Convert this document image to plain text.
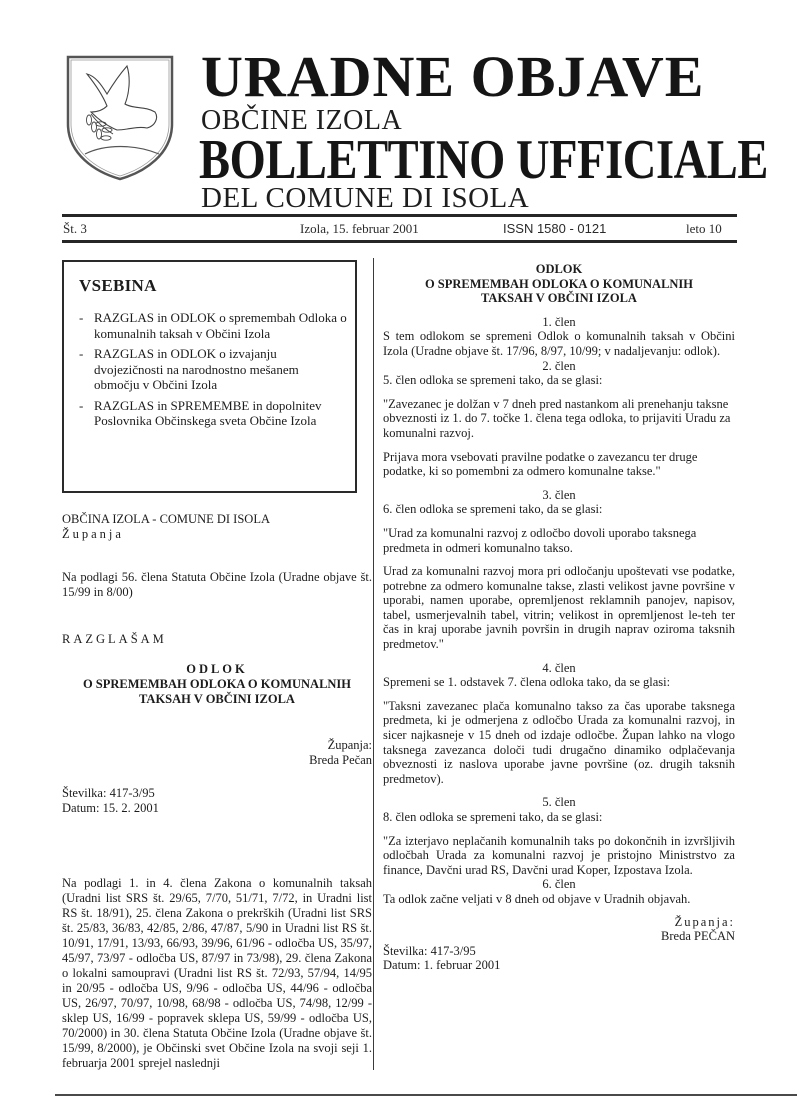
URADNE OBJAVE
OBČINE IZOLA
BOLLETTINO UFFICIALE
DEL COMUNE DI ISOLA
Št. 3	Izola, 15. februar 2001	ISSN 1580 - 0121	leto 10
VSEBINA
- RAZGLAS in ODLOK o spremembah Odloka o komunalnih taksah v Občini Izola
- RAZGLAS in ODLOK o izvajanju dvojezičnosti na narodnostno mešanem območju v Občini Izola
- RAZGLAS in SPREMEMBE in dopolnitev Poslovnika Občinskega sveta Občine Izola
OBČINA IZOLA - COMUNE DI ISOLA
Županja
Na podlagi 56. člena Statuta Občine Izola (Uradne objave št. 15/99 in 8/00)
RAZGLAŠAM
ODLOK
O SPREMEMBAH ODLOKA O KOMUNALNIH
TAKSAH V OBČINI IZOLA
Županja:
Breda Pečan
Številka: 417-3/95
Datum: 15. 2. 2001
Na podlagi 1. in 4. člena Zakona o komunalnih taksah (Uradni list SRS št. 29/65, 7/70, 51/71, 7/72, in Uradni list RS št. 18/91), 25. člena Zakona o prekrških (Uradni list SRS št. 25/83, 36/83, 42/85, 2/86, 47/87, 5/90 in Uradni list RS št. 10/91, 17/91, 13/93, 66/93, 39/96, 61/96 - odločba US, 35/97, 45/97, 73/97 - odločba US, 87/97 in 73/98), 29. člena Zakona o lokalni samoupravi (Uradni list RS št. 72/93, 57/94, 14/95 in 20/95 - odločba US, 9/96 - odločba US, 44/96 - odločba US, 26/97, 70/97, 10/98, 68/98 - odločba US, 74/98, 12/99 - sklep US, 16/99 - popravek sklepa US, 59/99 - odločba US, 70/2000) in 30. člena Statuta Občine Izola (Uradne objave št. 15/99, 8/2000), je Občinski svet Občine Izola na svoji seji 1. februarja 2001 sprejel naslednji

ODLOK

O SPREMEMBAH ODLOKA O KOMUNALNIH

TAKSAH V OBČINI IZOLA

1. člen

S tem odlokom se spremeni Odlok o komunalnih taksah v Občini Izola (Uradne objave št. 17/96, 8/97, 10/99; v nadaljevanju: odlok).

2. člen

5. člen odloka se spremeni tako, da se glasi:

"Zavezanec je dolžan v 7 dneh pred nastankom ali prenehanju taksne obveznosti iz 1. do 7. točke 1. člena tega odloka, to prijaviti Uradu za komunalni razvoj.

Prijava mora vsebovati pravilne podatke o zavezancu ter druge podatke, ki so pomembni za odmero komunalne takse."

3. člen

6. člen odloka se spremeni tako, da se glasi:

"Urad za komunalni razvoj z odločbo dovoli uporabo taksnega predmeta in odmeri komunalno takso.

Urad za komunalni razvoj mora pri odločanju upoštevati vse podatke, potrebne za odmero komunalne takse, zlasti velikost javne površine v uporabi, namen uporabe, opremljenost reklamnih panojev, napisov, tabel, usmerjevalnih tabel, vitrin; velikost in opremljenost le-teh ter čas in kraj uporabe javnih površin in drugih naprav oziroma taksnih predmetov."

4. člen

Spremeni se 1. odstavek 7. člena odloka tako, da se glasi:

"Taksni zavezanec plača komunalno takso za čas uporabe taksnega predmeta, ki je odmerjena z odločbo Urada za komunalni razvoj, in sicer najkasneje v 15 dneh od izdaje odločbe. Župan lahko na vlogo taksnega zavezanca določi tudi drugačno dinamiko odplačevanja obveznosti iz naslova uporabe javne površine (oz. drugih taksnih predmetov).

5. člen

8. člen odloka se spremeni tako, da se glasi:

"Za izterjavo neplačanih komunalnih taks po dokončnih in izvršljivih odločbah Urada za komunalni razvoj je pristojno Ministrstvo za finance, Davčni urad RS, Davčni urad Koper, Izpostava Izola.

6. člen

Ta odlok začne veljati v 8 dneh od objave v Uradnih objavah.

Županja:

Breda PEČAN

Številka: 417-3/95

Datum: 1. februar 2001
